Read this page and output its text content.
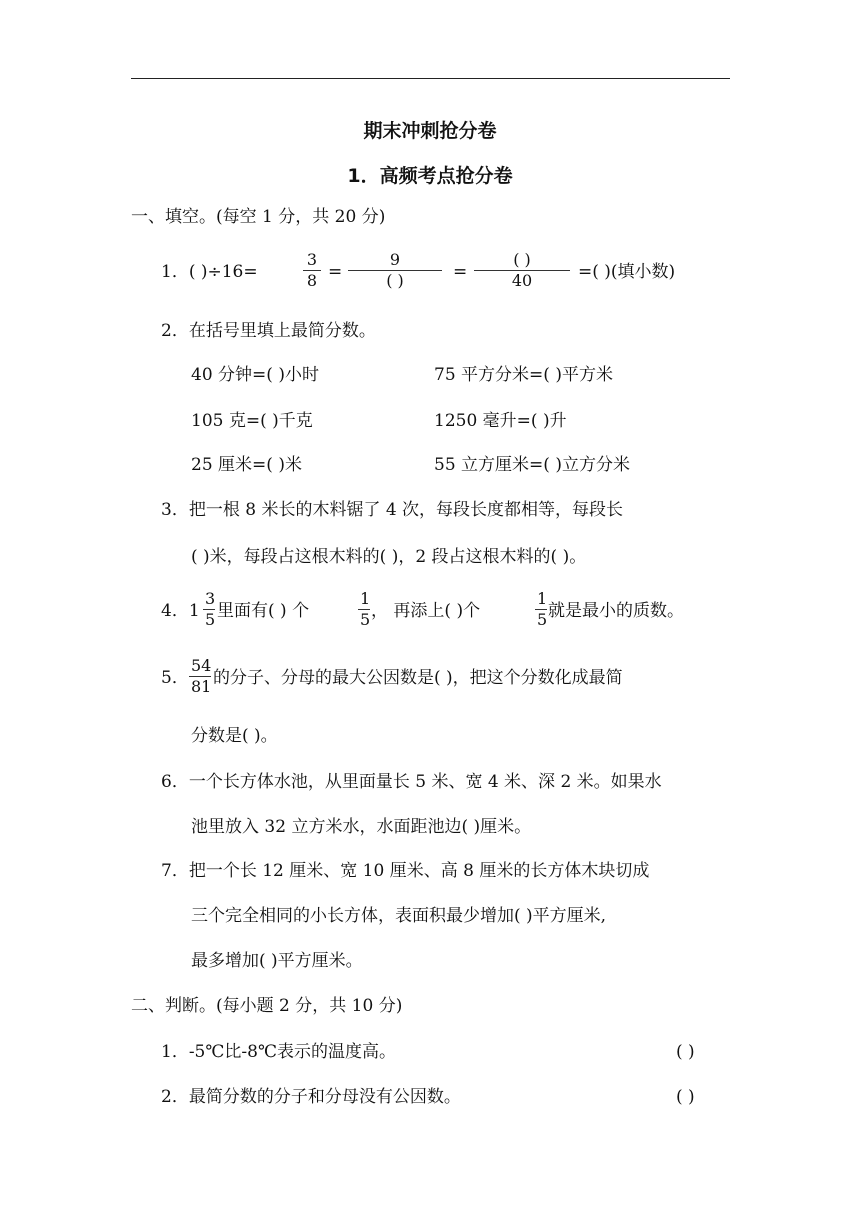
期末冲刺抢分卷
1．高频考点抢分卷
一、填空。(每空 1 分，共 20 分)
1．( )÷16=	$\frac{3}{8}$ =
9
( )	=
( )
40	=( )(填小数)
2．在括号里填上最简分数。
40 分钟=( )小时	75 平方分米=( )平方米
105 克=( )千克	1250 毫升=( )升
25 厘米=( )米	55 立方厘米=( )立方分米
3．把一根 8 米长的木料锯了 4 次，每段长度都相等，每段长
( )米，每段占这根木料的( )，2 段占这根木料的( )。
4．$1 \frac{3}{5}$ 里面有( ) 个	$\frac{1}{5}$ ， 再添上( )个	$\frac{1}{5}$ 就是最小的质数。
5． $\frac{54}{81}$ 的分子、分母的最大公因数是( )，把这个分数化成最简
分数是( )。
6．一个长方体水池，从里面量长 5 米、宽 4 米、深 2 米。如果水
池里放入 32 立方米水，水面距池边( )厘米。
7．把一个长 12 厘米、宽 10 厘米、高 8 厘米的长方体木块切成
三个完全相同的小长方体，表面积最少增加( )平方厘米,
最多增加( )平方厘米。
二、判断。(每小题 2 分，共 10 分)
1．-5℃比-8℃表示的温度高。	( )
2．最简分数的分子和分母没有公因数。	( )
